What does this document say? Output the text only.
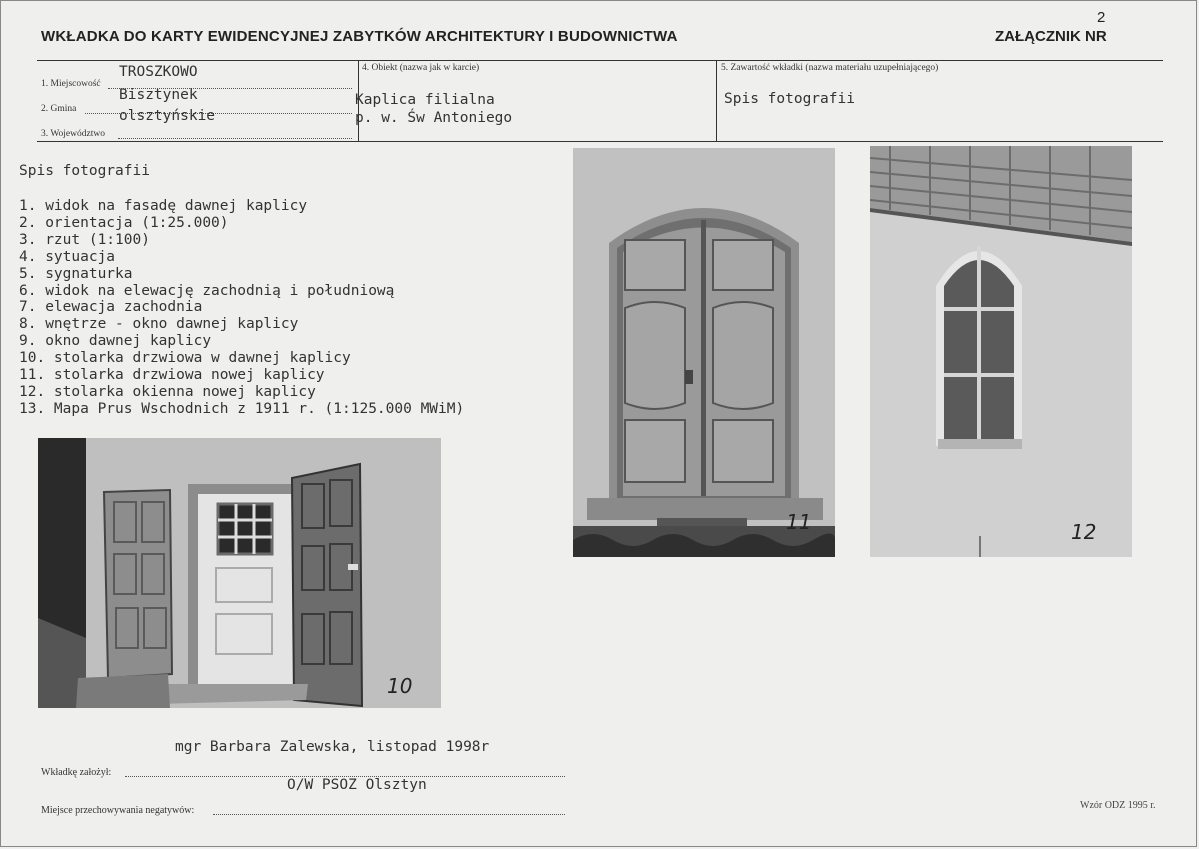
2
WKŁADKA DO KARTY EWIDENCYJNEJ ZABYTKÓW ARCHITEKTURY I BUDOWNICTWA	ZAŁĄCZNIK NR
1. Miejscowość
TROSZKOWO
2. Gmina
Bisztynek
3. Województwo
olsztyńskie
4. Obiekt (nazwa jak w karcie)
Kaplica filialna
p. w. Św Antoniego
5. Zawartość wkładki (nazwa materiału uzupełniającego)
Spis fotografii
Spis fotografii
1. widok na fasadę dawnej kaplicy
2. orientacja (1:25.000)
3. rzut (1:100)
4. sytuacja
5. sygnaturka
6. widok na elewację zachodnią i południową
7. elewacja zachodnia
8. wnętrze - okno dawnej kaplicy
9. okno dawnej kaplicy
10. stolarka drzwiowa w dawnej kaplicy
11. stolarka drzwiowa nowej kaplicy
12. stolarka okienna nowej kaplicy
13. Mapa Prus Wschodnich z 1911 r. (1:125.000 MWiM)
11	12
10
mgr Barbara Zalewska, listopad 1998r
Wkładkę założył:
O/W PSOZ Olsztyn
Miejsce przechowywania negatywów:	Wzór ODZ 1995 r.
